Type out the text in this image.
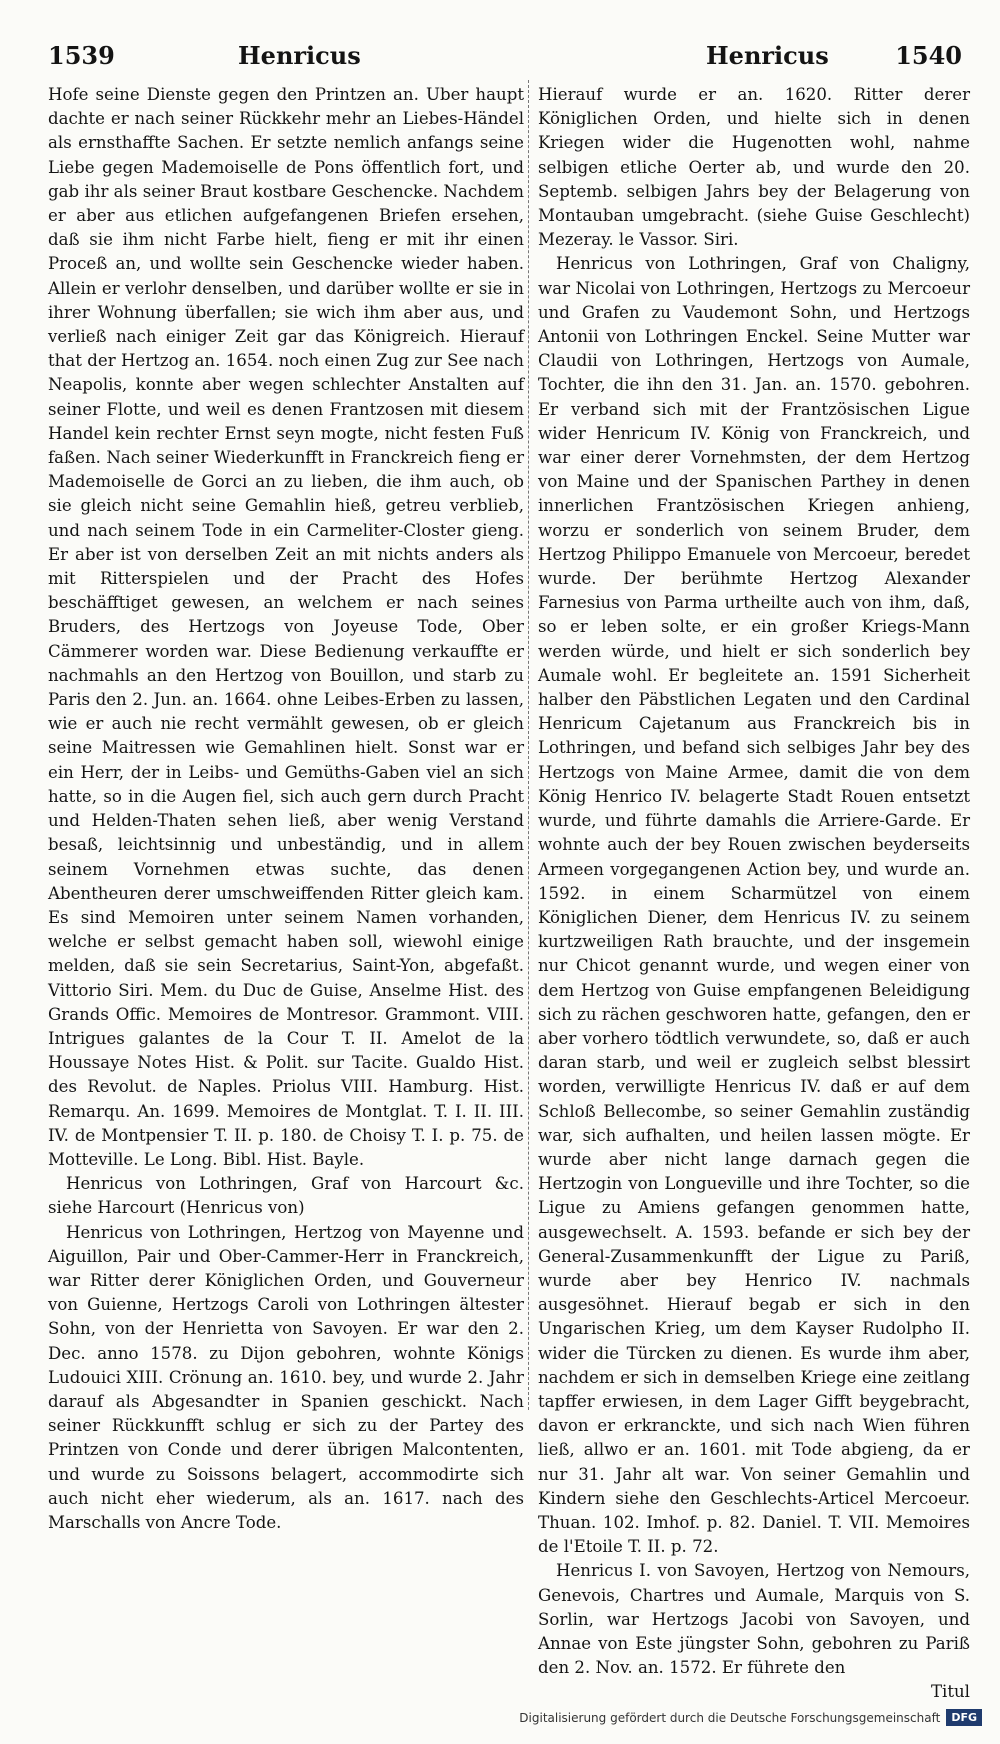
1539	Henricus	Henricus	1540

Hofe seine Dienste gegen den Printzen an. Uber haupt dachte er nach seiner Rückkehr mehr an Liebes-Händel als ernsthaffte Sachen. Er setzte nemlich anfangs seine Liebe gegen Mademoiselle de Pons öffentlich fort, und gab ihr als seiner Braut kostbare Geschencke. Nachdem er aber aus etlichen aufgefangenen Briefen ersehen, daß sie ihm nicht Farbe hielt, fieng er mit ihr einen Proceß an, und wollte sein Geschencke wieder haben. Allein er verlohr denselben, und darüber wollte er sie in ihrer Wohnung überfallen; sie wich ihm aber aus, und verließ nach einiger Zeit gar das Königreich. Hierauf that der Hertzog an. 1654. noch einen Zug zur See nach Neapolis, konnte aber wegen schlechter Anstalten auf seiner Flotte, und weil es denen Frantzosen mit diesem Handel kein rechter Ernst seyn mogte, nicht festen Fuß faßen. Nach seiner Wiederkunfft in Franckreich fieng er Mademoiselle de Gorci an zu lieben, die ihm auch, ob sie gleich nicht seine Gemahlin hieß, getreu verblieb, und nach seinem Tode in ein Carmeliter-Closter gieng. Er aber ist von derselben Zeit an mit nichts anders als mit Ritterspielen und der Pracht des Hofes beschäfftiget gewesen, an welchem er nach seines Bruders, des Hertzogs von Joyeuse Tode, Ober Cämmerer worden war. Diese Bedienung verkauffte er nachmahls an den Hertzog von Bouillon, und starb zu Paris den 2. Jun. an. 1664. ohne Leibes-Erben zu lassen, wie er auch nie recht vermählt gewesen, ob er gleich seine Maitressen wie Gemahlinen hielt. Sonst war er ein Herr, der in Leibs- und Gemüths-Gaben viel an sich hatte, so in die Augen fiel, sich auch gern durch Pracht und Helden-Thaten sehen ließ, aber wenig Verstand besaß, leichtsinnig und unbeständig, und in allem seinem Vornehmen etwas suchte, das denen Abentheuren derer umschweiffenden Ritter gleich kam. Es sind Memoiren unter seinem Namen vorhanden, welche er selbst gemacht haben soll, wiewohl einige melden, daß sie sein Secretarius, Saint-Yon, abgefaßt. Vittorio Siri. Mem. du Duc de Guise, Anselme Hist. des Grands Offic. Memoires de Montresor. Grammont. VIII. Intrigues galantes de la Cour T. II. Amelot de la Houssaye Notes Hist. & Polit. sur Tacite. Gualdo Hist. des Revolut. de Naples. Priolus VIII. Hamburg. Hist. Remarqu. An. 1699. Memoires de Montglat. T. I. II. III. IV. de Montpensier T. II. p. 180. de Choisy T. I. p. 75. de Motteville. Le Long. Bibl. Hist. Bayle.

Henricus von Lothringen, Graf von Harcourt &c. siehe Harcourt (Henricus von)

Henricus von Lothringen, Hertzog von Mayenne und Aiguillon, Pair und Ober-Cammer-Herr in Franckreich, war Ritter derer Königlichen Orden, und Gouverneur von Guienne, Hertzogs Caroli von Lothringen ältester Sohn, von der Henrietta von Savoyen. Er war den 2. Dec. anno 1578. zu Dijon gebohren, wohnte Königs Ludouici XIII. Crönung an. 1610. bey, und wurde 2. Jahr darauf als Abgesandter in Spanien geschickt. Nach seiner Rückkunfft schlug er sich zu der Partey des Printzen von Conde und derer übrigen Malcontenten, und wurde zu Soissons belagert, accommodirte sich auch nicht eher wiederum, als an. 1617. nach des Marschalls von Ancre Tode.

Hierauf wurde er an. 1620. Ritter derer Königlichen Orden, und hielte sich in denen Kriegen wider die Hugenotten wohl, nahme selbigen etliche Oerter ab, und wurde den 20. Septemb. selbigen Jahrs bey der Belagerung von Montauban umgebracht. (siehe Guise Geschlecht) Mezeray. le Vassor. Siri.

Henricus von Lothringen, Graf von Chaligny, war Nicolai von Lothringen, Hertzogs zu Mercoeur und Grafen zu Vaudemont Sohn, und Hertzogs Antonii von Lothringen Enckel. Seine Mutter war Claudii von Lothringen, Hertzogs von Aumale, Tochter, die ihn den 31. Jan. an. 1570. gebohren. Er verband sich mit der Frantzösischen Ligue wider Henricum IV. König von Franckreich, und war einer derer Vornehmsten, der dem Hertzog von Maine und der Spanischen Parthey in denen innerlichen Frantzösischen Kriegen anhieng, worzu er sonderlich von seinem Bruder, dem Hertzog Philippo Emanuele von Mercoeur, beredet wurde. Der berühmte Hertzog Alexander Farnesius von Parma urtheilte auch von ihm, daß, so er leben solte, er ein großer Kriegs-Mann werden würde, und hielt er sich sonderlich bey Aumale wohl. Er begleitete an. 1591 Sicherheit halber den Päbstlichen Legaten und den Cardinal Henricum Cajetanum aus Franckreich bis in Lothringen, und befand sich selbiges Jahr bey des Hertzogs von Maine Armee, damit die von dem König Henrico IV. belagerte Stadt Rouen entsetzt wurde, und führte damahls die Arriere-Garde. Er wohnte auch der bey Rouen zwischen beyderseits Armeen vorgegangenen Action bey, und wurde an. 1592. in einem Scharmützel von einem Königlichen Diener, dem Henricus IV. zu seinem kurtzweiligen Rath brauchte, und der insgemein nur Chicot genannt wurde, und wegen einer von dem Hertzog von Guise empfangenen Beleidigung sich zu rächen geschworen hatte, gefangen, den er aber vorhero tödtlich verwundete, so, daß er auch daran starb, und weil er zugleich selbst blessirt worden, verwilligte Henricus IV. daß er auf dem Schloß Bellecombe, so seiner Gemahlin zuständig war, sich aufhalten, und heilen lassen mögte. Er wurde aber nicht lange darnach gegen die Hertzogin von Longueville und ihre Tochter, so die Ligue zu Amiens gefangen genommen hatte, ausgewechselt. A. 1593. befande er sich bey der General-Zusammenkunfft der Ligue zu Pariß, wurde aber bey Henrico IV. nachmals ausgesöhnet. Hierauf begab er sich in den Ungarischen Krieg, um dem Kayser Rudolpho II. wider die Türcken zu dienen. Es wurde ihm aber, nachdem er sich in demselben Kriege eine zeitlang tapffer erwiesen, in dem Lager Gifft beygebracht, davon er erkranckte, und sich nach Wien führen ließ, allwo er an. 1601. mit Tode abgieng, da er nur 31. Jahr alt war. Von seiner Gemahlin und Kindern siehe den Geschlechts-Articel Mercoeur. Thuan. 102. Imhof. p. 82. Daniel. T. VII. Memoires de l'Etoile T. II. p. 72.

Henricus I. von Savoyen, Hertzog von Nemours, Genevois, Chartres und Aumale, Marquis von S. Sorlin, war Hertzogs Jacobi von Savoyen, und Annae von Este jüngster Sohn, gebohren zu Pariß den 2. Nov. an. 1572. Er führete den

Titul
Digitalisierung gefördert durch die Deutsche Forschungsgemeinschaft	DFG
